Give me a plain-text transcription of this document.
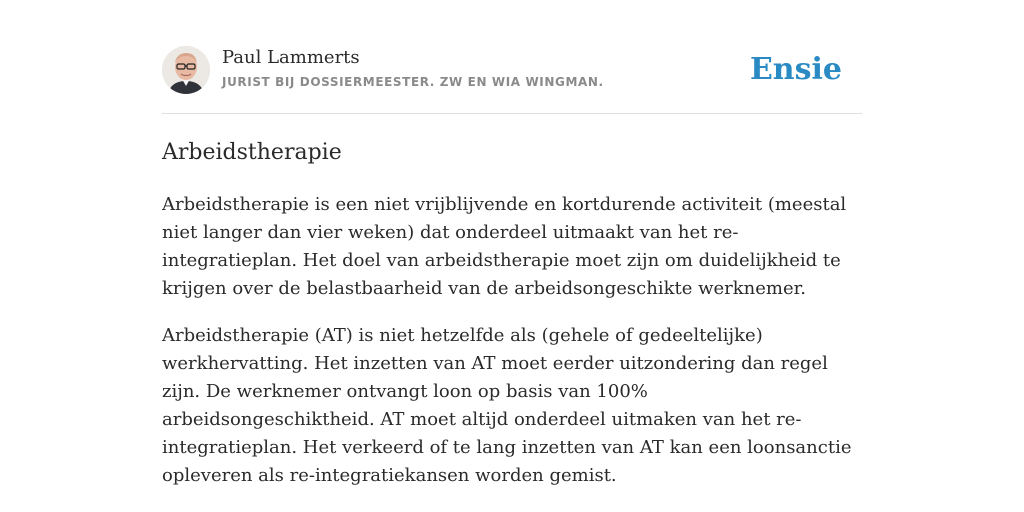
Paul Lammerts
JURIST BIJ DOSSIERMEESTER. ZW EN WIA WINGMAN.	Ensie
Arbeidstherapie

Arbeidstherapie is een niet vrijblijvende en kortdurende activiteit (meestal niet langer dan vier weken) dat onderdeel uitmaakt van het re-integratieplan. Het doel van arbeidstherapie moet zijn om duidelijkheid te krijgen over de belastbaarheid van de arbeidsongeschikte werknemer.

Arbeidstherapie (AT) is niet hetzelfde als (gehele of gedeeltelijke) werkhervatting. Het inzetten van AT moet eerder uitzondering dan regel zijn. De werknemer ontvangt loon op basis van 100% arbeidsongeschiktheid. AT moet altijd onderdeel uitmaken van het re-integratieplan. Het verkeerd of te lang inzetten van AT kan een loonsanctie opleveren als re-integratiekansen worden gemist.
